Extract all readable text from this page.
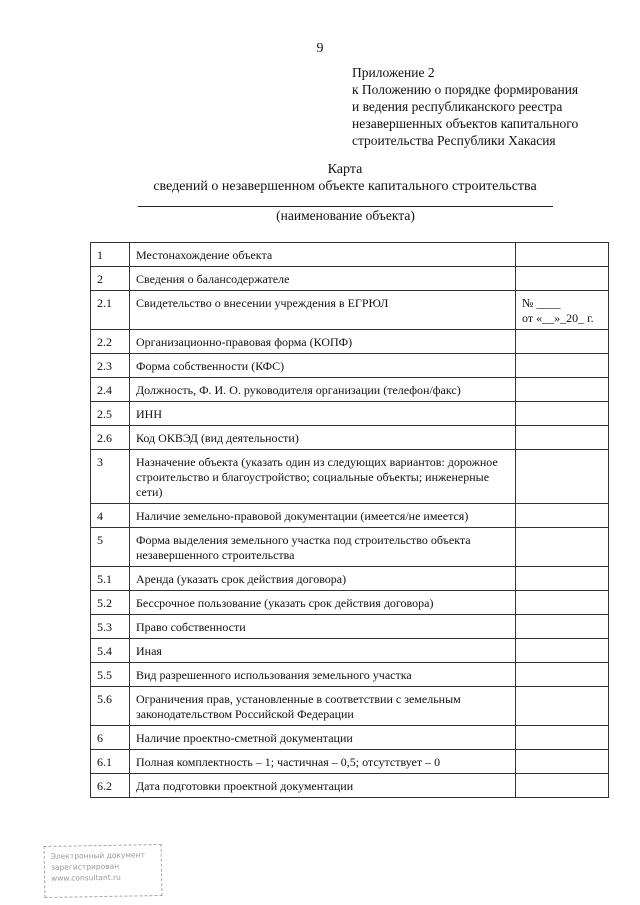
9
Приложение 2
к Положению о порядке формирования
и ведения республиканского реестра
незавершенных объектов капитального
строительства Республики Хакасия
Карта
сведений о незавершенном объекте капитального строительства
(наименование объекта)
1	Местонахождение объекта	
2	Сведения о балансодержателе	
2.1	Свидетельство о внесении учреждения в ЕГРЮЛ	№ ____
от «__»_20_ г.
2.2	Организационно-правовая форма (КОПФ)	
2.3	Форма собственности (КФС)	
2.4	Должность, Ф. И. О. руководителя организации (телефон/факс)	
2.5	ИНН	
2.6	Код ОКВЭД (вид деятельности)	
3	Назначение объекта (указать один из следующих вариантов: дорожное строительство и благоустройство; социальные объекты; инженерные сети)	
4	Наличие земельно-правовой документации (имеется/не имеется)	
5	Форма выделения земельного участка под строительство объекта незавершенного строительства	
5.1	Аренда (указать срок действия договора)	
5.2	Бессрочное пользование (указать срок действия договора)	
5.3	Право собственности	
5.4	Иная	
5.5	Вид разрешенного использования земельного участка	
5.6	Ограничения прав, установленные в соответствии с земельным законодательством Российской Федерации	
6	Наличие проектно-сметной документации	
6.1	Полная комплектность – 1; частичная – 0,5; отсутствует – 0	
6.2	Дата подготовки проектной документации	
Электронный документ
зарегистрирован
www.consultant.ru
